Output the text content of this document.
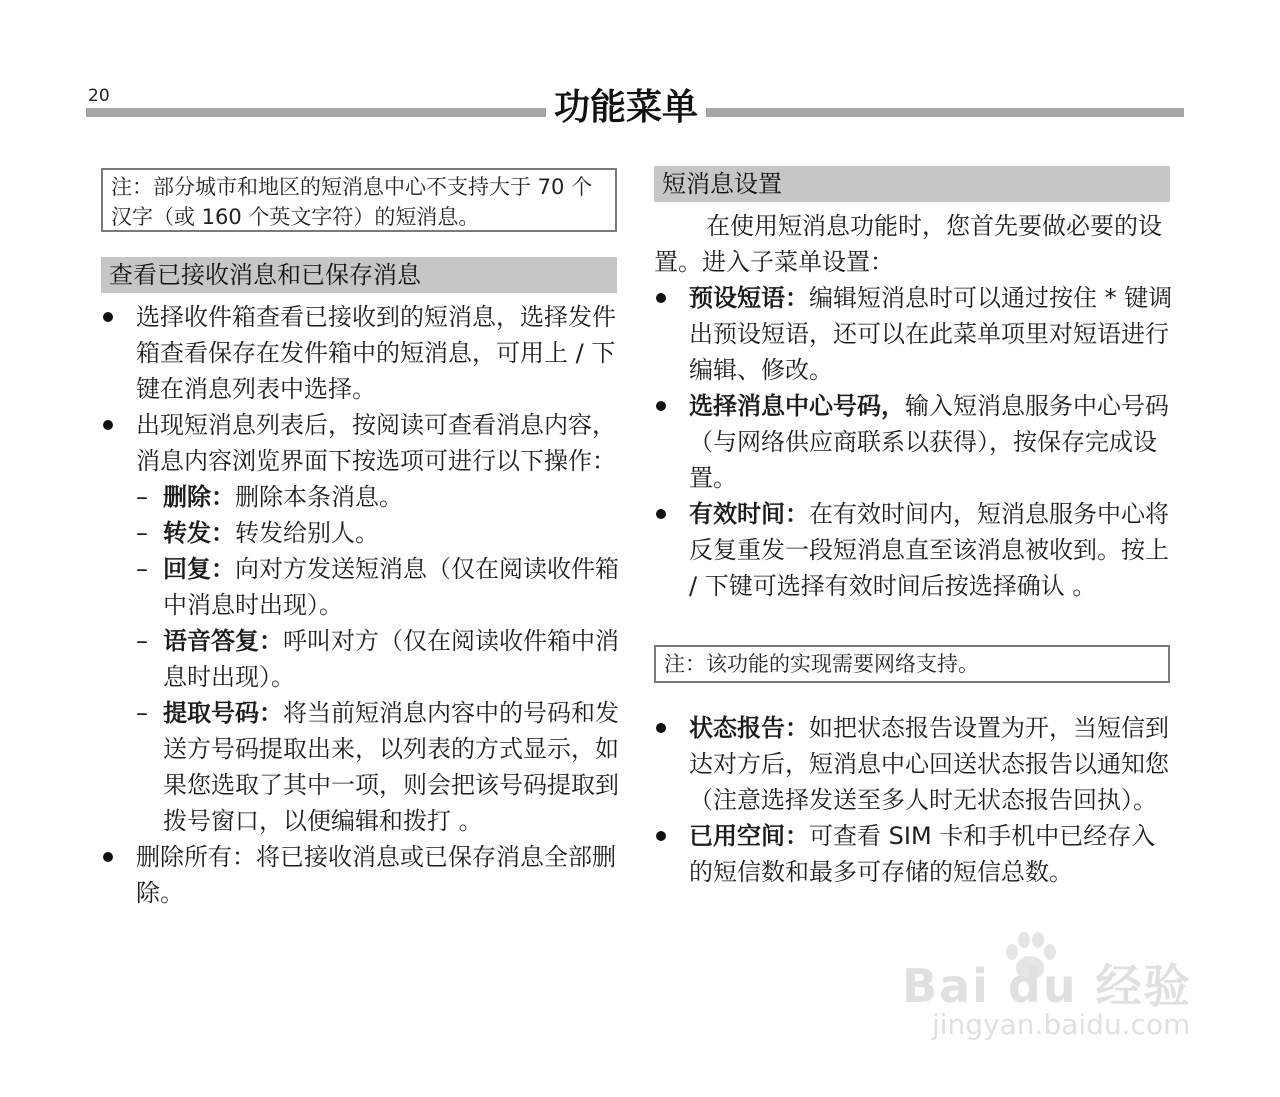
20	功能菜单
注：部分城市和地区的短消息中心不支持大于 70 个汉字（或 160 个英文字符）的短消息。
查看已接收消息和已保存消息
选择收件箱查看已接收到的短消息，选择发件箱查看保存在发件箱中的短消息，可用上 / 下键在消息列表中选择。
出现短消息列表后，按阅读可查看消息内容，消息内容浏览界面下按选项可进行以下操作：
– 删除：删除本条消息。
– 转发：转发给别人。
– 回复：向对方发送短消息（仅在阅读收件箱中消息时出现）。
– 语音答复：呼叫对方（仅在阅读收件箱中消息时出现）。
– 提取号码：将当前短消息内容中的号码和发送方号码提取出来，以列表的方式显示，如果您选取了其中一项，则会把该号码提取到拨号窗口，以便编辑和拨打 。
删除所有：将已接收消息或已保存消息全部删除。
短消息设置
在使用短消息功能时，您首先要做必要的设置。进入子菜单设置：
预设短语：编辑短消息时可以通过按住 * 键调出预设短语，还可以在此菜单项里对短语进行编辑、修改。
选择消息中心号码，输入短消息服务中心号码（与网络供应商联系以获得），按保存完成设置。
有效时间：在有效时间内，短消息服务中心将反复重发一段短消息直至该消息被收到。按上 / 下键可选择有效时间后按选择确认 。
注：该功能的实现需要网络支持。
状态报告：如把状态报告设置为开，当短信到达对方后，短消息中心回送状态报告以通知您（注意选择发送至多人时无状态报告回执）。
已用空间：可查看 SIM 卡和手机中已经存入的短信数和最多可存储的短信总数。
Bai du 经验
jingyan.baidu.com
